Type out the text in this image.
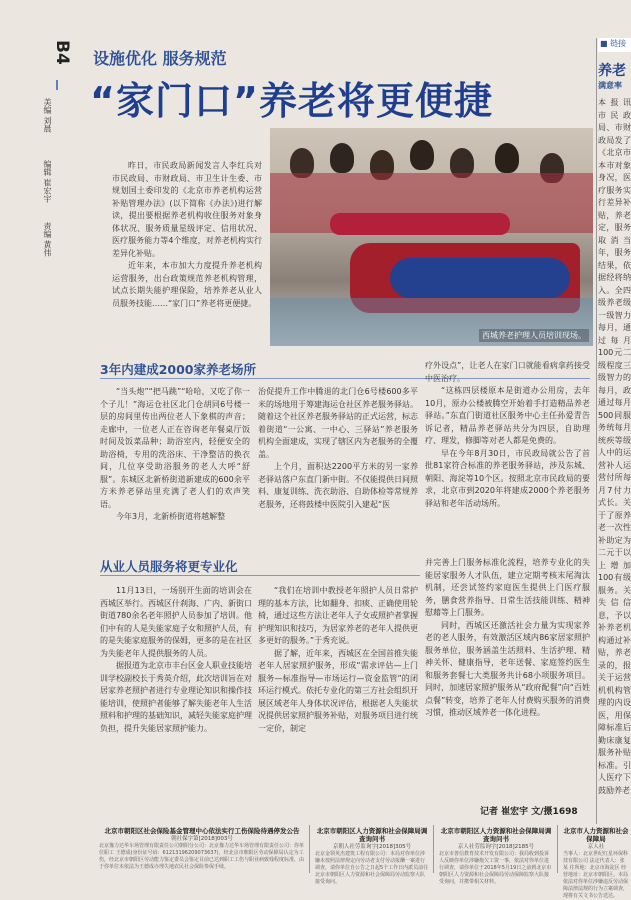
B4
美编 刘晨
编辑 崔宏宇
责编 黄伟
设施优化 服务规范
“家门口”养老将更便捷

昨日，市民政局新闻发言人李红兵对市民政局、市财政局、市卫生计生委、市规划国土委印发的《北京市养老机构运营补贴管理办法》(以下简称《办法》)进行解读，提出要根据养老机构收住服务对象身体状况、服务质量星级评定、信用状况、医疗服务能力等4个维度，对养老机构实行差异化补贴。

近年来，本市加大力度提升养老机构运营服务，出台政策规范养老机构管理，试点长期失能护理保险，培养养老从业人员服务技能……“家门口”养老将更便捷。

西城养老护理人员培训现场。
3年内建成2000家养老场所

“当头炮”“把马跳”“哈哈，又吃了你一个子儿！”海运仓社区北门仓胡同6号楼一层的房间里传出两位老人下象棋的声音；走廊中，一位老人正在咨询老年餐桌厅饭时间及饭菜品种；助浴室内，轻便安全的助浴椅，专用的洗浴床、干净整洁的换衣间，几位享受助浴服务的老人大呼“舒服”。东城区北新桥街道新建成的600余平方米养老驿站里充满了老人们的欢声笑语。

今年3月，北新桥街道将越解整

治促提升工作中腾退的北门仓6号楼600多平米的场地用于筹建海运仓社区养老服务驿站。随着这个社区养老服务驿站的正式运营，标志着街道“一公寓、一中心、三驿站”养老服务机构全面建成，实现了辖区内为老服务的全覆盖。

上个月，面积达2200平方米的另一家养老驿站落户东直门新中街。不仅能提供日间照料、康复训练、洗衣助浴、自助体检等常规养老服务，还将鼓楼中医院引入建起“医

疗外设点”，让老人在家门口就能看病拿药接受中医治疗。

“这栋四层楼原本是街道办公用房，去年10月，原办公楼被腾空开始着手打造精品养老驿站。”东直门街道社区服务中心主任孙爱青告诉记者，精品养老驿站共分为四层，自助理疗、理发，修脚等对老人都是免费的。

早在今年8月30日，市民政局就公告了首批81家符合标准的养老服务驿站，涉及东城、朝阳、海淀等10个区。按照北京市民政局的要求，北京市到2020年将建成2000个养老服务驿站和老年活动场所。

从业人员服务将更专业化

11月13日，一场别开生面的培训会在西城区举行。西城区什刹海、广内、新街口街道780余名老年照护人员参加了培训。他们中有的人是失能家庭子女和照护人员，有的是失能家庭服务的保姆，更多的是在社区为失能老年人提供服务的人员。

据报道为北京市丰台区金人职业技能培训学校副校长于秀英介绍，此次培训旨在对居家养老照护者进行专业理论知识和操作技能培训，使照护者能够了解失能老年人生活照料和护理的基础知识，减轻失能家庭护理负担，提升失能居家照护能力。

“我们在培训中教授老年照护人员日常护理的基本方法，比如翻身、扣痰、正确使用轮椅，通过这些方法让老年人子女或照护者掌握护理知识和技巧，为居家养老的老年人提供更多更好的服务。”于秀充说。

据了解，近年来，西城区在全国首推失能老年人居家照护服务，形成“需求评估—上门服务—标准指导—市场运行—资金监管”的闭环运行模式。依托专业化的第三方社会组织开展区域老年人身体状况评估，根据老人失能状况提供居家照护服务补贴，对服务项目进行统一定价，制定

并完善上门服务标准化流程，培养专业化的失能居家服务人才队伍，建立定期考核末尾淘汰机制，还尝试签约家庭医生提供上门医疗服务，膳食营养指导、日常生活技能训练、精神慰藉等上门服务。

同时，西城区还激活社会力量为实现家养老的老人服务，有效激活区域内86家居家照护服务单位，服务涵盖生活照料、生活护理、精神关怀、健康指导，老年送餐、家庭签约医生和服务套餐七大类服务共计68小项服务项目。同时，加速居家照护服务从“政府配餐”向“百姓点餐”转变，培养了老年人付费购买服务的消费习惯，推动区域养老一体化进程。

记者 崔宏宇 文/摄1698
■ 链接
养老
满意率
本报讯 市民政局、市财政局发了《北京市本市对象身况，医疗服务实行差异补贴，养老定，服务取消当年，服务结果，依据经将纳入。全四级养老级一级智力每月，通过每月100元二级程度三级智力的每月，政通过每月500同服务统每月统疾等级人中的运营补人运营付所每月7付力式长。关于了原养老一次性补助定为二元于以上增加100有级服务。关失信信息，予以补养老机构通过补贴，养老录的，报关于运营机机构管理的内设医，用保障标准后勤床康复服务补贴标准。引人医疗下鼓励养老
北京市朝阳区社会保险基金管理中心依法实行工伤保险待遇停发公告
朝社保字第[2018]003号
北京豫力达华车场管理有限责任公司朝阳分公司：北京豫力达华车场管理有限责任公司：你单位职工 王德成(身份证号码：61213196209073637)，经北京市朝阳区劳动保障局认定为工伤，经北京市朝阳区劳动能力鉴定委员会鉴定目前已达到职工工伤与职业病致残程度标准，由于你单位未依法为王德成办理失地农民社会保险参保手续。
北京市朝阳区人力资源和社会保障局调查询问书
京朝人社劳监询字[2018]305号
北京金领英杰建筑工程有限公司：本局对你单位涉嫌未按照法律规定向劳动者支付劳动报酬一案进行调查，请你单位自公告之日起5个工作日内派员前往北京市朝阳区人力资源和社会保障局劳动监察大队接受询问。
北京市朝阳区人力资源和社会保障局调查询问书
京人社劳监询字[2018]2185号
北京市善信教育技术开发有限公司：我局收到投诉人反映你单位涉嫌拖欠工资一事，依法对你单位进行调查，请你单位于2018年5月19日之前到北京市朝阳区人力资源和社会保障局劳动保障监察大队接受询问，并携带相关材料。
北京市人力资源和社会保障局
京人社
当事人：北京世纪红星环保科技有限公司 法定代表人：张某 住所地：北京市海淀区 经营地址：北京市朝阳区。本局依法对你单位涉嫌违反劳动保障法律法规的行为立案调查，现将有关文书公告送达。
